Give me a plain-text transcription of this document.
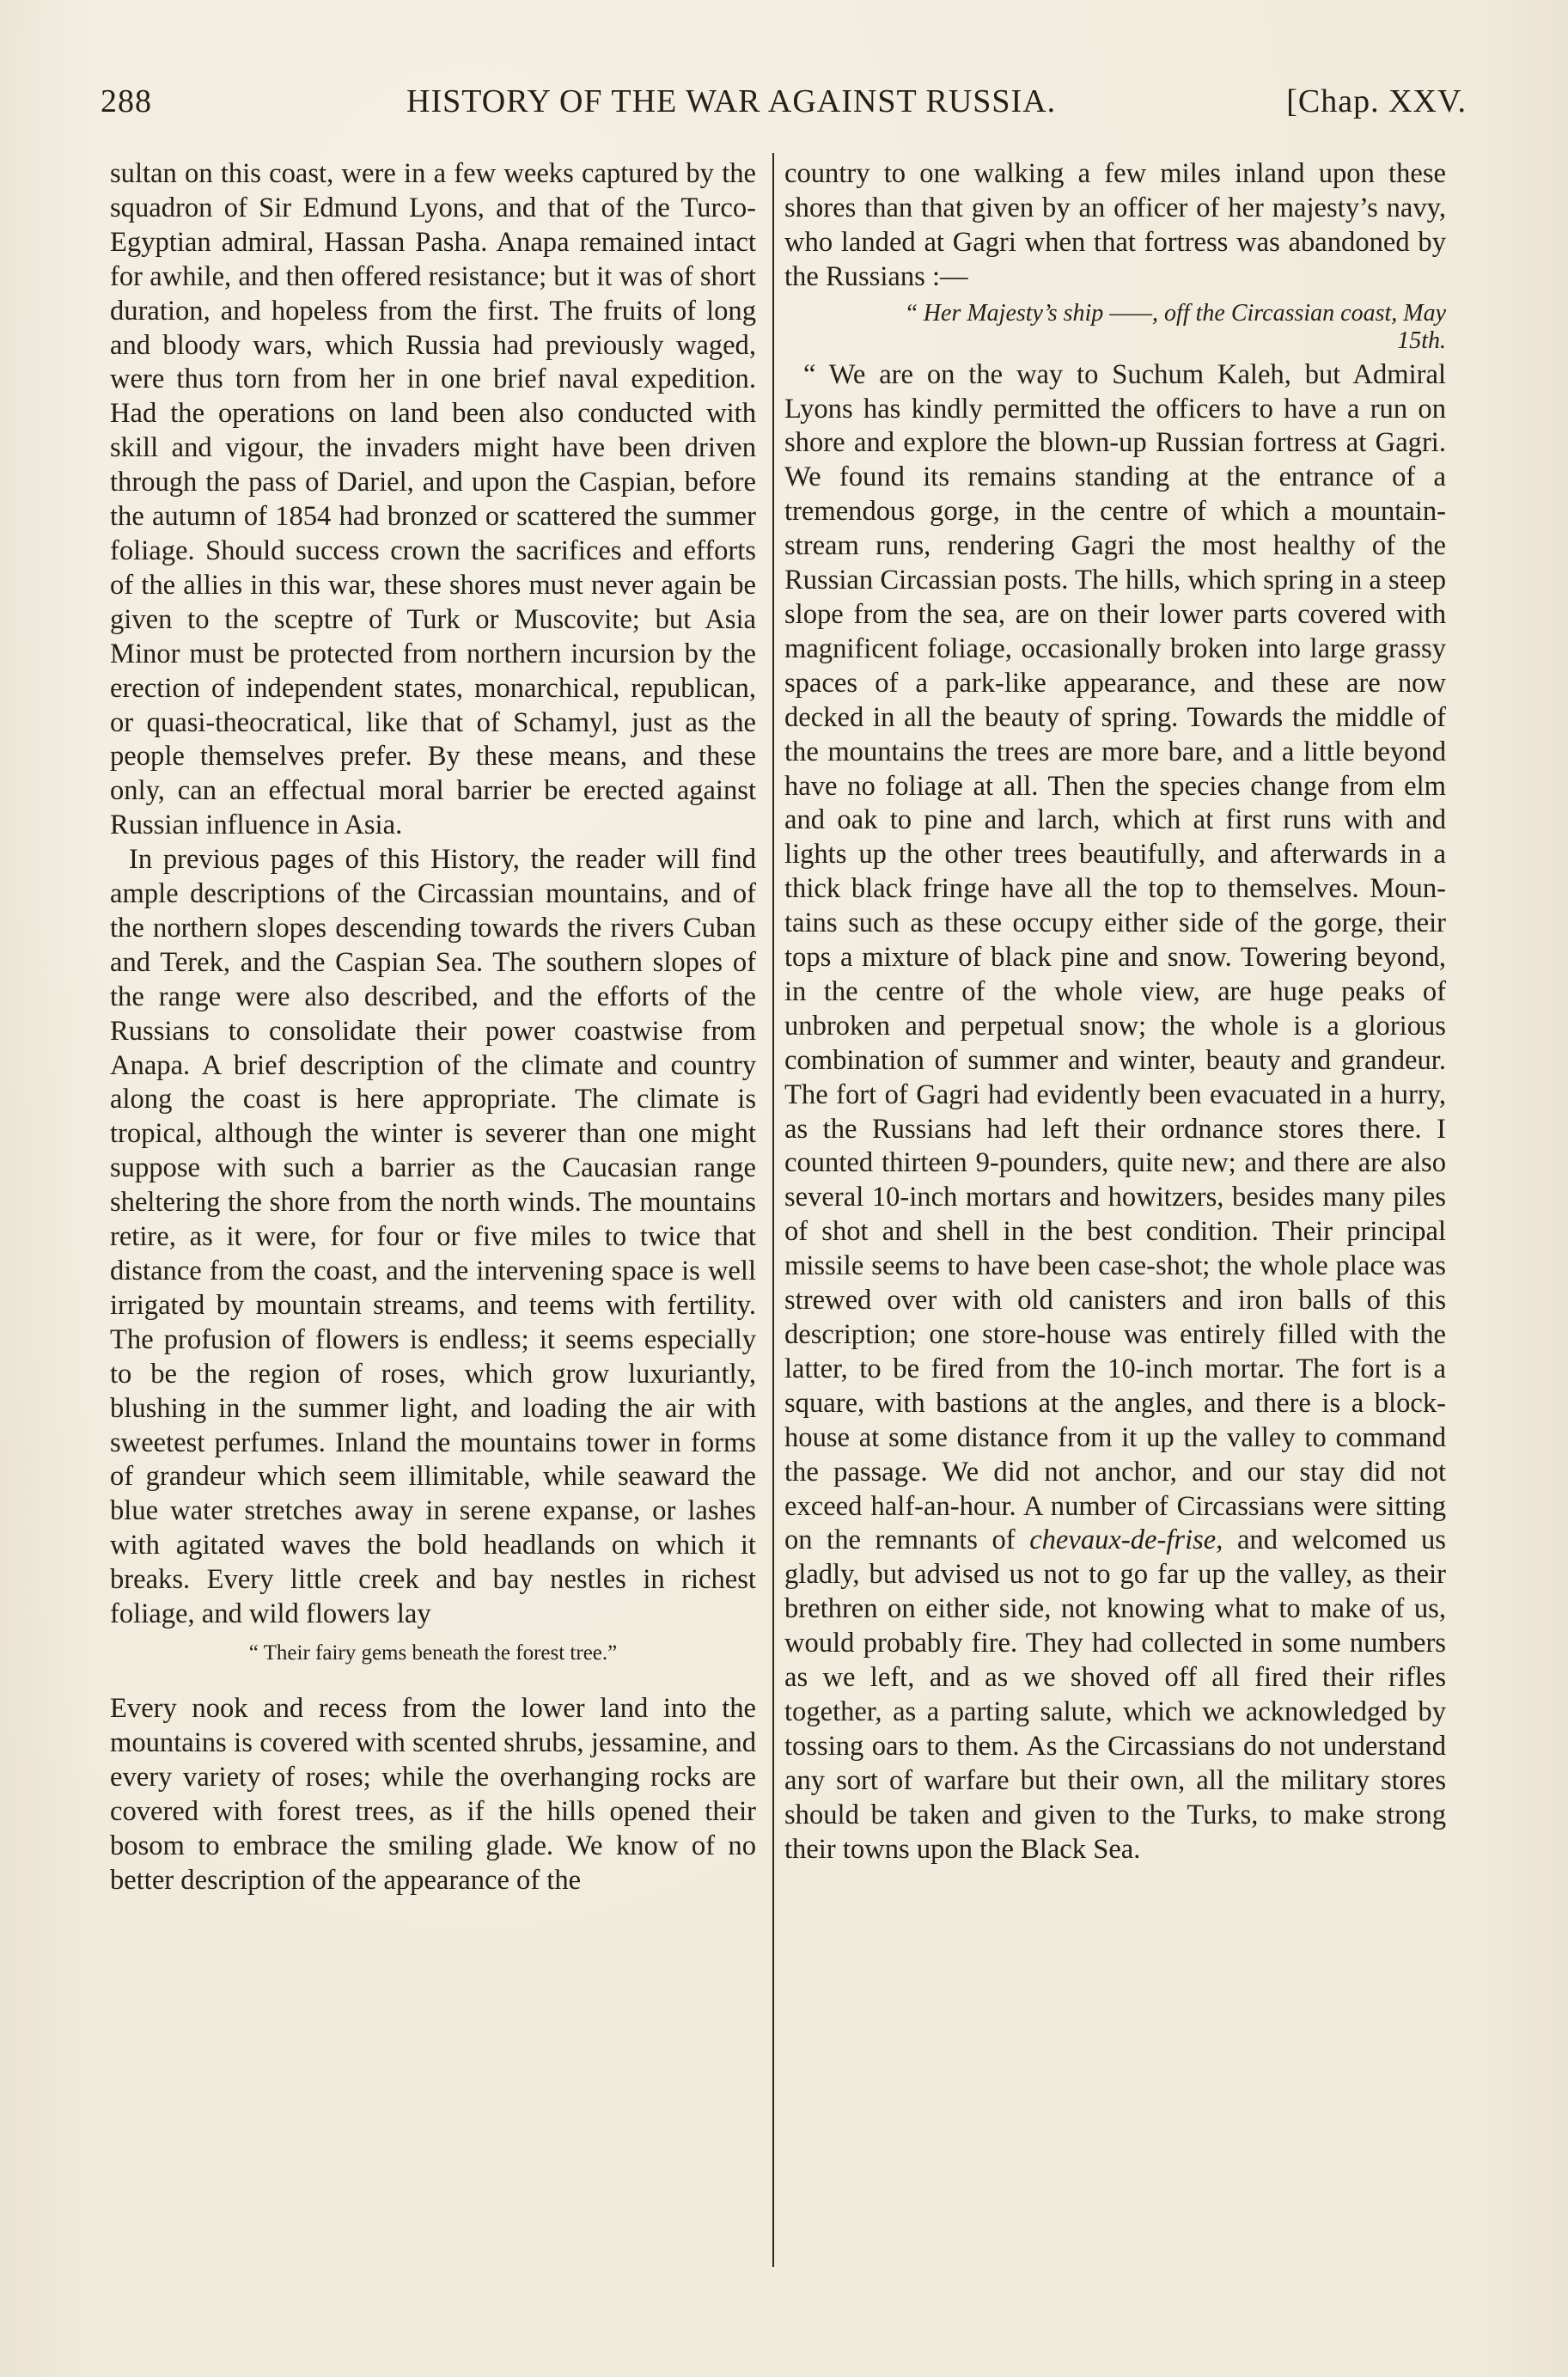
288	HISTORY OF THE WAR AGAINST RUSSIA.	[Chap. XXV.

sultan on this coast, were in a few weeks captured by the squadron of Sir Edmund Lyons, and that of the Turco-Egyptian admiral, Hassan Pasha. Anapa remained intact for awhile, and then offered resistance; but it was of short duration, and hopeless from the first. The fruits of long and bloody wars, which Russia had previously waged, were thus torn from her in one brief naval expedition. Had the operations on land been also conducted with skill and vigour, the invaders might have been driven through the pass of Dariel, and upon the Caspian, before the autumn of 1854 had bronzed or scattered the summer foliage. Should success crown the sacrifices and efforts of the allies in this war, these shores must never again be given to the sceptre of Turk or Muscovite; but Asia Minor must be protected from northern incursion by the erection of independent states, monarchical, republican, or quasi-theocratical, like that of Schamyl, just as the people themselves prefer. By these means, and these only, can an effectual moral barrier be erected against Russian influence in Asia.

In previous pages of this History, the reader will find ample descriptions of the Circassian mountains, and of the northern slopes descending towards the rivers Cuban and Terek, and the Caspian Sea. The southern slopes of the range were also described, and the efforts of the Russians to consolidate their power coastwise from Anapa. A brief description of the climate and country along the coast is here appropriate. The climate is tropical, although the winter is severer than one might suppose with such a barrier as the Caucasian range sheltering the shore from the north winds. The mountains retire, as it were, for four or five miles to twice that distance from the coast, and the intervening space is well irrigated by mountain streams, and teems with fertility. The profusion of flowers is endless; it seems especially to be the region of roses, which grow luxuriantly, blushing in the summer light, and loading the air with sweetest perfumes. Inland the mountains tower in forms of grandeur which seem illimitable, while seaward the blue water stretches away in serene expanse, or lashes with agitated waves the bold headlands on which it breaks. Every little creek and bay nestles in richest foliage, and wild flowers lay

“ Their fairy gems beneath the forest tree.”

Every nook and recess from the lower land into the mountains is covered with scented shrubs, jessamine, and every variety of roses; while the overhanging rocks are covered with forest trees, as if the hills opened their bosom to embrace the smiling glade. We know of no better description of the appearance of the

country to one walking a few miles inland upon these shores than that given by an officer of her majesty’s navy, who landed at Gagri when that fortress was abandoned by the Russians :—

“ Her Majesty’s ship ——, off the Circassian coast, May 15th.

“ We are on the way to Suchum Kaleh, but Admiral Lyons has kindly permitted the officers to have a run on shore and explore the blown-up Russian fortress at Gagri. We found its remains standing at the entrance of a tremendous gorge, in the centre of which a mountain-stream runs, rendering Gagri the most healthy of the Russian Circassian posts. The hills, which spring in a steep slope from the sea, are on their lower parts covered with magnificent foliage, occasionally broken into large grassy spaces of a park-like appearance, and these are now decked in all the beauty of spring. Towards the middle of the mountains the trees are more bare, and a little beyond have no foliage at all. Then the species change from elm and oak to pine and larch, which at first runs with and lights up the other trees beautifully, and afterwards in a thick black fringe have all the top to themselves. Mountains such as these occupy either side of the gorge, their tops a mixture of black pine and snow. Towering beyond, in the centre of the whole view, are huge peaks of unbroken and perpetual snow; the whole is a glorious combination of summer and winter, beauty and grandeur. The fort of Gagri had evidently been evacuated in a hurry, as the Russians had left their ordnance stores there. I counted thirteen 9-pounders, quite new; and there are also several 10-inch mortars and howitzers, besides many piles of shot and shell in the best condition. Their principal missile seems to have been case-shot; the whole place was strewed over with old canisters and iron balls of this description; one store-house was entirely filled with the latter, to be fired from the 10-inch mortar. The fort is a square, with bastions at the angles, and there is a blockhouse at some distance from it up the valley to command the passage. We did not anchor, and our stay did not exceed half-an-hour. A number of Circassians were sitting on the remnants of chevaux-de-frise, and welcomed us gladly, but advised us not to go far up the valley, as their brethren on either side, not knowing what to make of us, would probably fire. They had collected in some numbers as we left, and as we shoved off all fired their rifles together, as a parting salute, which we acknowledged by tossing oars to them. As the Circassians do not understand any sort of warfare but their own, all the military stores should be taken and given to the Turks, to make strong their towns upon the Black Sea.
